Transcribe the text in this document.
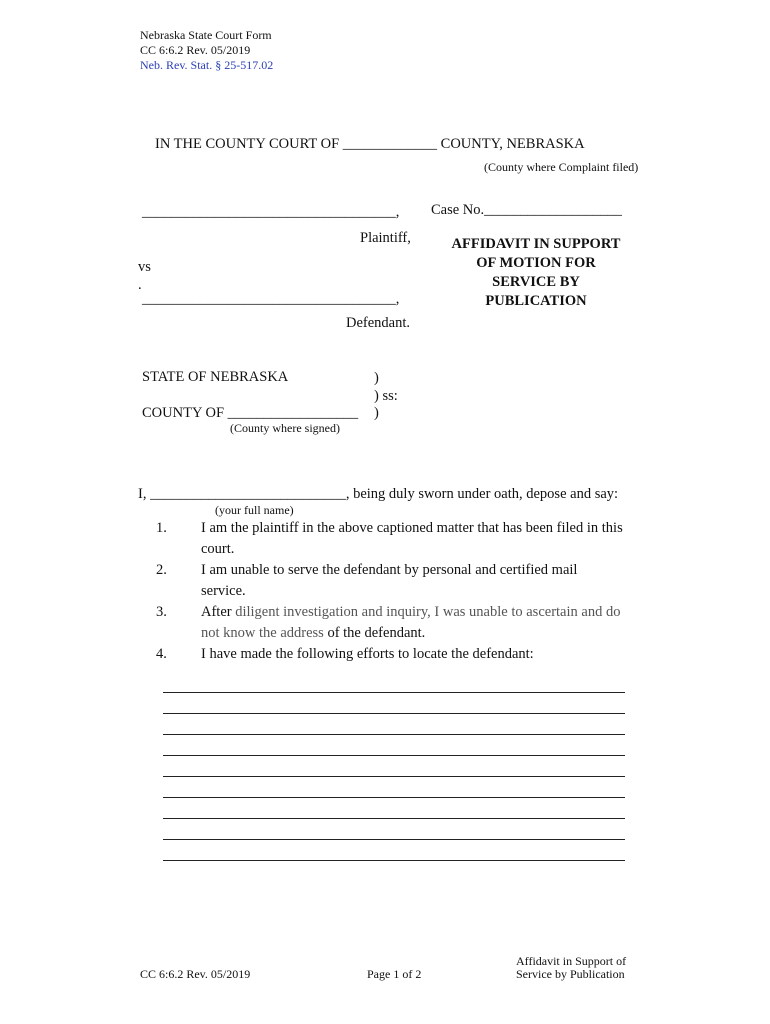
Nebraska State Court Form
CC 6:6.2 Rev. 05/2019
Neb. Rev. Stat. § 25-517.02
IN THE COUNTY COURT OF _____________ COUNTY, NEBRASKA
(County where Complaint filed)
___________________________________,
Plaintiff,
vs
.
___________________________________,
Defendant.
Case No.___________________
AFFIDAVIT IN SUPPORT
OF MOTION FOR
SERVICE BY
PUBLICATION
STATE OF NEBRASKA	)
) ss:
COUNTY OF __________________ )
(County where signed)
I, ___________________________, being duly sworn under oath, depose and say:
(your full name)
1. I am the plaintiff in the above captioned matter that has been filed in this
court.
2. I am unable to serve the defendant by personal and certified mail
service.
3. After diligent investigation and inquiry, I was unable to ascertain and do
not know the address of the defendant.
4. I have made the following efforts to locate the defendant:
CC 6:6.2 Rev. 05/2019	Page 1 of 2
Affidavit in Support of
Service by Publication
